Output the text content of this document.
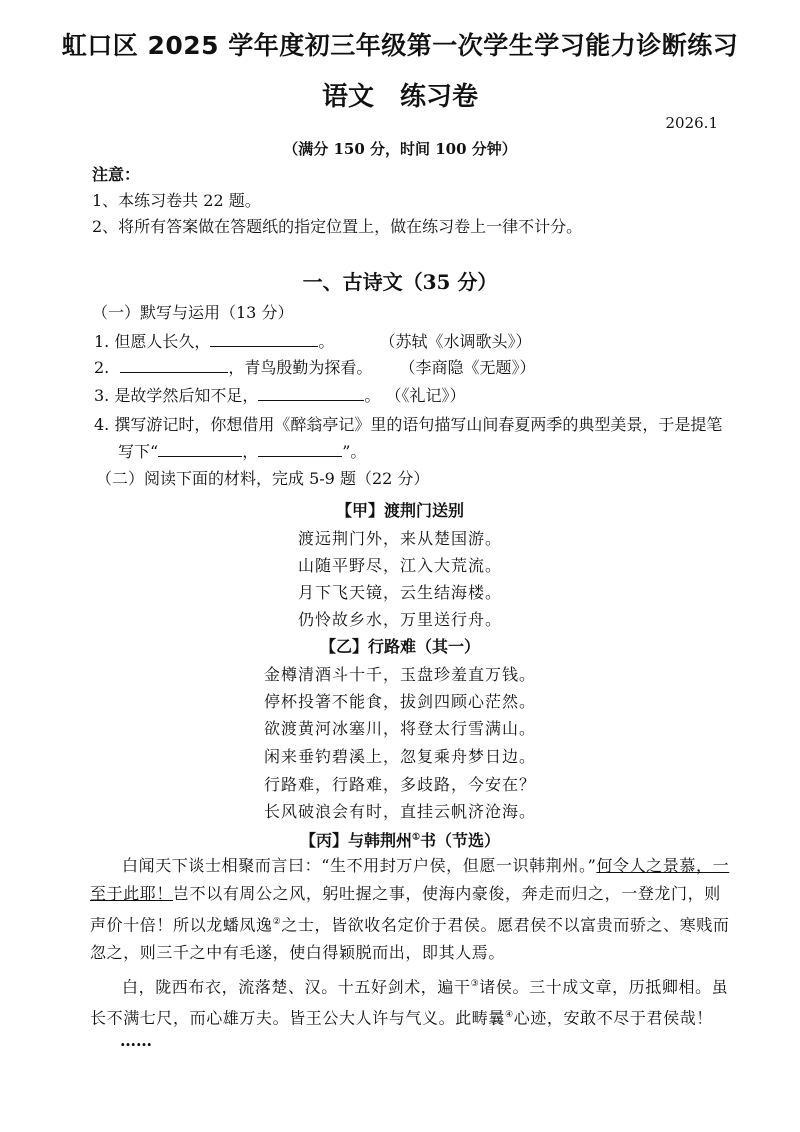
虹口区 2025 学年度初三年级第一次学生学习能力诊断练习
语文　练习卷
2026.1
（满分 150 分，时间 100 分钟）
注意：
1、本练习卷共 22 题。
2、将所有答案做在答题纸的指定位置上，做在练习卷上一律不计分。
一、古诗文（35 分）
（一）默写与运用（13 分）
1. 但愿人长久，	。	（苏轼《水调歌头》）
2.	，青鸟殷勤为探看。 （李商隐《无题》）
3. 是故学然后知不足，	。 （《礼记》）
4. 撰写游记时，你想借用《醉翁亭记》里的语句描写山间春夏两季的典型美景，于是提笔
写下“	，	”。
（二）阅读下面的材料，完成 5-9 题（22 分）
【甲】渡荆门送别
渡远荆门外，来从楚国游。
山随平野尽，江入大荒流。
月下飞天镜，云生结海楼。
仍怜故乡水，万里送行舟。
【乙】行路难（其一）
金樽清酒斗十千，玉盘珍羞直万钱。
停杯投箸不能食，拔剑四顾心茫然。
欲渡黄河冰塞川，将登太行雪满山。
闲来垂钓碧溪上，忽复乘舟梦日边。
行路难，行路难，多歧路，今安在？
长风破浪会有时，直挂云帆济沧海。
【丙】与韩荆州①书（节选）
白闻天下谈士相聚而言曰：“生不用封万户侯，但愿一识韩荆州。”何令人之景慕，一至于此耶！岂不以有周公之风，躬吐握之事，使海内豪俊，奔走而归之，一登龙门，则声价十倍！所以龙蟠凤逸②之士，皆欲收名定价于君侯。愿君侯不以富贵而骄之、寒贱而忽之，则三千之中有毛遂，使白得颖脱而出，即其人焉。
白，陇西布衣，流落楚、汉。十五好剑术，遍干③诸侯。三十成文章，历抵卿相。虽长不满七尺，而心雄万夫。皆王公大人许与气义。此畴曩④心迹，安敢不尽于君侯哉！
……
